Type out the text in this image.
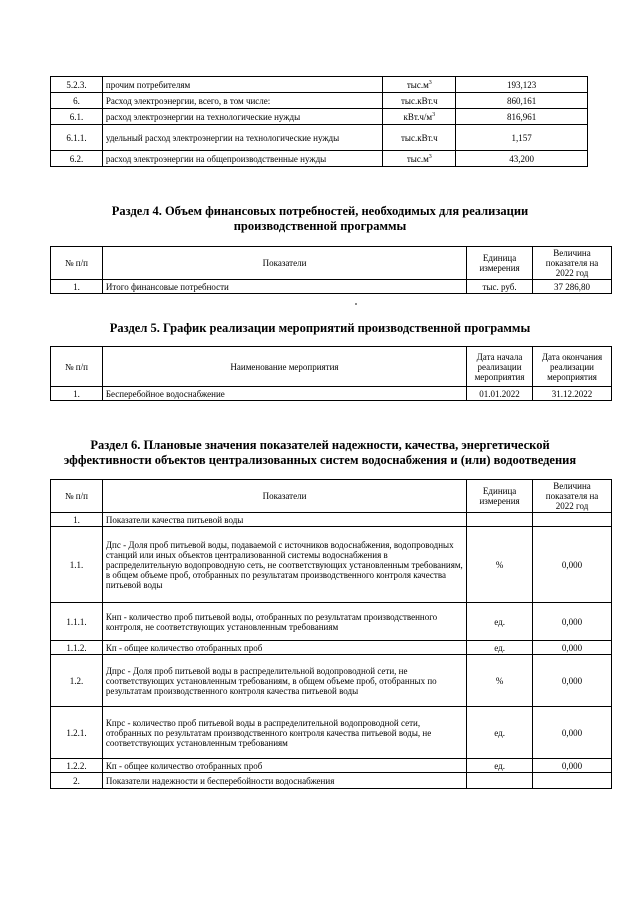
5.2.3.	прочим потребителям	$тыс.м^3$	193,123
6.	Расход электроэнергии, всего, в том числе:	тыс.кВт.ч	860,161
6.1.	расход электроэнергии на технологические нужды	$кВт.ч/м^3$	816,961
6.1.1.	удельный расход электроэнергии на технологические нужды	тыс.кВт.ч	1,157
6.2.	расход электроэнергии на общепроизводственные нужды	$тыс.м^3$	43,200
Раздел 4. Объем финансовых потребностей, необходимых для реализации производственной программы
№ п/п	Показатели	Единица измерения	Величина показателя на 2022 год
1.	Итого финансовые потребности	тыс. руб.	37 286,80
Раздел 5. График реализации мероприятий производственной программы
№ п/п	Наименование мероприятия	Дата начала реализации мероприятия	Дата окончания реализации мероприятия
1.	Бесперебойное водоснабжение	01.01.2022	31.12.2022
Раздел 6. Плановые значения показателей надежности, качества, энергетической эффективности объектов централизованных систем водоснабжения и (или) водоотведения
№ п/п	Показатели	Единица измерения	Величина показателя на 2022 год
1.	Показатели качества питьевой воды		
1.1.	Дпс - Доля проб питьевой воды, подаваемой с источников водоснабжения, водопроводных станций или иных объектов централизованной системы водоснабжения в распределительную водопроводную сеть, не соответствующих установленным требованиям, в общем объеме проб, отобранных по результатам производственного контроля качества питьевой воды	%	0,000
1.1.1.	Кнп - количество проб питьевой воды, отобранных по результатам производственного контроля, не соответствующих установленным требованиям	ед.	0,000
1.1.2.	Кп - общее количество отобранных проб	ед.	0,000
1.2.	Дпрс - Доля проб питьевой воды в распределительной водопроводной сети, не соответствующих установленным требованиям, в общем объеме проб, отобранных по результатам производственного контроля качества питьевой воды	%	0,000
1.2.1.	Кпрс - количество проб питьевой воды в распределительной водопроводной сети, отобранных по результатам производственного контроля качества питьевой воды, не соответствующих установленным требованиям	ед.	0,000
1.2.2.	Кп - общее количество отобранных проб	ед.	0,000
2.	Показатели надежности и бесперебойности водоснабжения		
